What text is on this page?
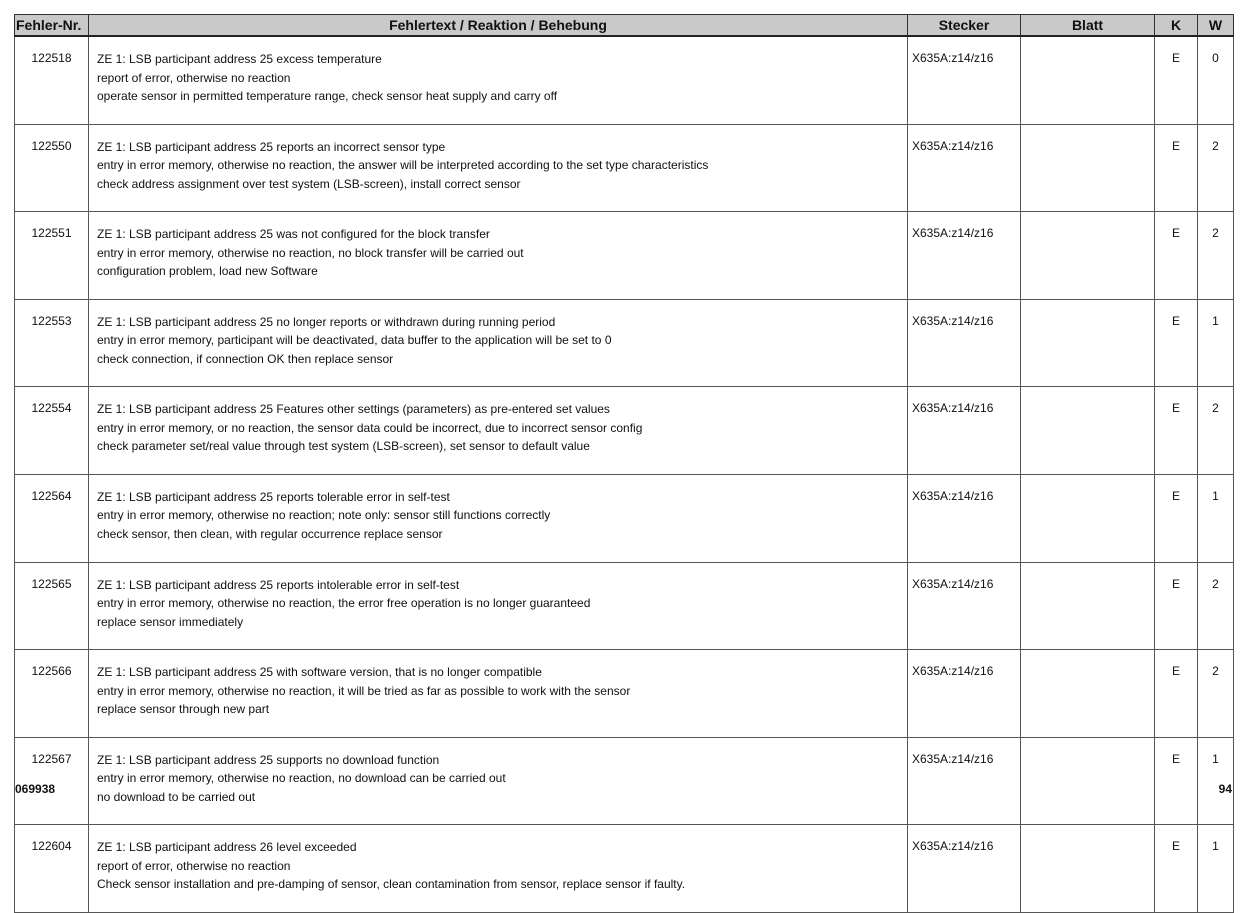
Fehler-Nr.	Fehlertext / Reaktion / Behebung	Stecker	Blatt	K	W
122518	ZE 1: LSB participant address 25 excess temperature
report of error, otherwise no reaction
operate sensor in permitted temperature range, check sensor heat supply and carry off	X635A:z14/z16		E	0
122550	ZE 1: LSB participant address 25 reports an incorrect sensor type
entry in error memory, otherwise no reaction, the answer will be interpreted according to the set type characteristics
check address assignment over test system (LSB-screen), install correct sensor	X635A:z14/z16		E	2
122551	ZE 1: LSB participant address 25 was not configured for the block transfer
entry in error memory, otherwise no reaction, no block transfer will be carried out
configuration problem, load new Software	X635A:z14/z16		E	2
122553	ZE 1: LSB participant address 25 no longer reports or withdrawn during running period
entry in error memory, participant will be deactivated, data buffer to the application will be set to 0
check connection, if connection OK then replace sensor	X635A:z14/z16		E	1
122554	ZE 1: LSB participant address 25 Features other settings (parameters) as pre-entered set values
entry in error memory, or no reaction, the sensor data could be incorrect, due to incorrect sensor config
check parameter set/real value through test system (LSB-screen), set sensor to default value	X635A:z14/z16		E	2
122564	ZE 1: LSB participant address 25 reports tolerable error in self-test
entry in error memory, otherwise no reaction; note only: sensor still functions correctly
check sensor, then clean, with regular occurrence replace sensor	X635A:z14/z16		E	1
122565	ZE 1: LSB participant address 25 reports intolerable error in self-test
entry in error memory, otherwise no reaction, the error free operation is no longer guaranteed
replace sensor immediately	X635A:z14/z16		E	2
122566	ZE 1: LSB participant address 25 with software version, that is no longer compatible
entry in error memory, otherwise no reaction, it will be tried as far as possible to work with the sensor
replace sensor through new part	X635A:z14/z16		E	2
122567	ZE 1: LSB participant address 25 supports no download function
entry in error memory, otherwise no reaction, no download can be carried out
no download to be carried out	X635A:z14/z16		E	1
122604	ZE 1: LSB participant address 26 level exceeded
report of error, otherwise no reaction
Check sensor installation and pre-damping of sensor, clean contamination from sensor, replace sensor if faulty.	X635A:z14/z16		E	1
069938	94
